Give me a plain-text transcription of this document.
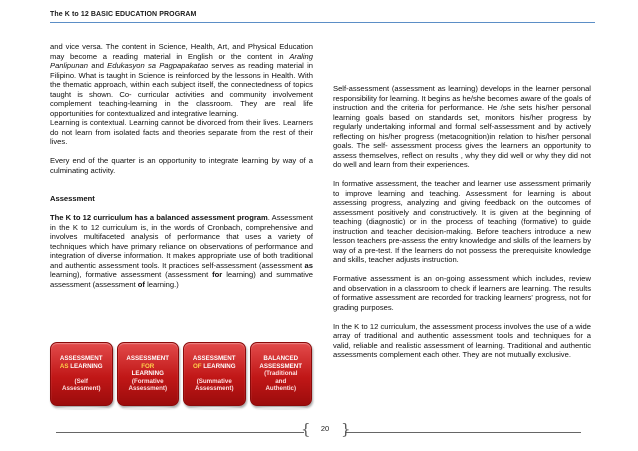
The K to 12 BASIC EDUCATION PROGRAM

and vice versa. The content in Science, Health, Art, and Physical Education may become a reading material in English or the content in Araling Panlipunan and Edukasyon sa Pagpapakatao serves as reading material in Filipino. What is taught in Science is reinforced by the lessons in Health. With the thematic approach, within each subject itself, the connectedness of topics taught is shown. Co- curricular activities and community involvement complement teaching-learning in the classroom. They are real life opportunities for contextualized and integrative learning.
Learning is contextual. Learning cannot be divorced from their lives. Learners do not learn from isolated facts and theories separate from the rest of their lives.

Every end of the quarter is an opportunity to integrate learning by way of a culminating activity.

Assessment

The K to 12 curriculum has a balanced assessment program. Assessment in the K to 12 curriculum is, in the words of Cronbach, comprehensive and involves multifaceted analysis of performance that uses a variety of techniques which have primary reliance on observations of performance and integration of diverse information. It makes appropriate use of both traditional and authentic assessment tools. It practices self-assessment (assessment as learning), formative assessment (assessment for learning) and summative assessment (assessment of learning.)

ASSESSMENT
AS LEARNING

(Self
Assessment)
ASSESSMENT
FOR
LEARNING
(Formative
Assessment)
ASSESSMENT
OF LEARNING

(Summative
Assessment)
BALANCED
ASSESSMENT
(Traditional
and
Authentic)

Self-assessment (assessment as learning) develops in the learner personal responsibility for learning. It begins as he/she becomes aware of the goals of instruction and the criteria for performance. He /she sets his/her personal learning goals based on standards set, monitors his/her progress by regularly undertaking informal and formal self-assessment and by actively reflecting on his/her progress (metacognition)in relation to his/her personal goals. The self- assessment process gives the learners an opportunity to assess themselves, reflect on results , why they did well or why they did not do well and learn from their experiences.

In formative assessment, the teacher and learner use assessment primarily to improve learning and teaching. Assessment for learning is about assessing progress, analyzing and giving feedback on the outcomes of assessment positively and constructively. It is given at the beginning of teaching (diagnostic) or in the process of teaching (formative) to guide instruction and teacher decision-making. Before teachers introduce a new lesson teachers pre-assess the entry knowledge and skills of the learners by way of a pre-test. If the learners do not possess the prerequisite knowledge and skills, teacher adjusts instruction.

Formative assessment is an on-going assessment which includes, review and observation in a classroom to check if learners are learning. The results of formative assessment are recorded for tracking learners' progress, not for grading purposes.

In the K to 12 curriculum, the assessment process involves the use of a wide array of traditional and authentic assessment tools and techniques for a valid, reliable and realistic assessment of learning. Traditional and authentic assessments complement each other. They are not mutually exclusive.

{ }
20
